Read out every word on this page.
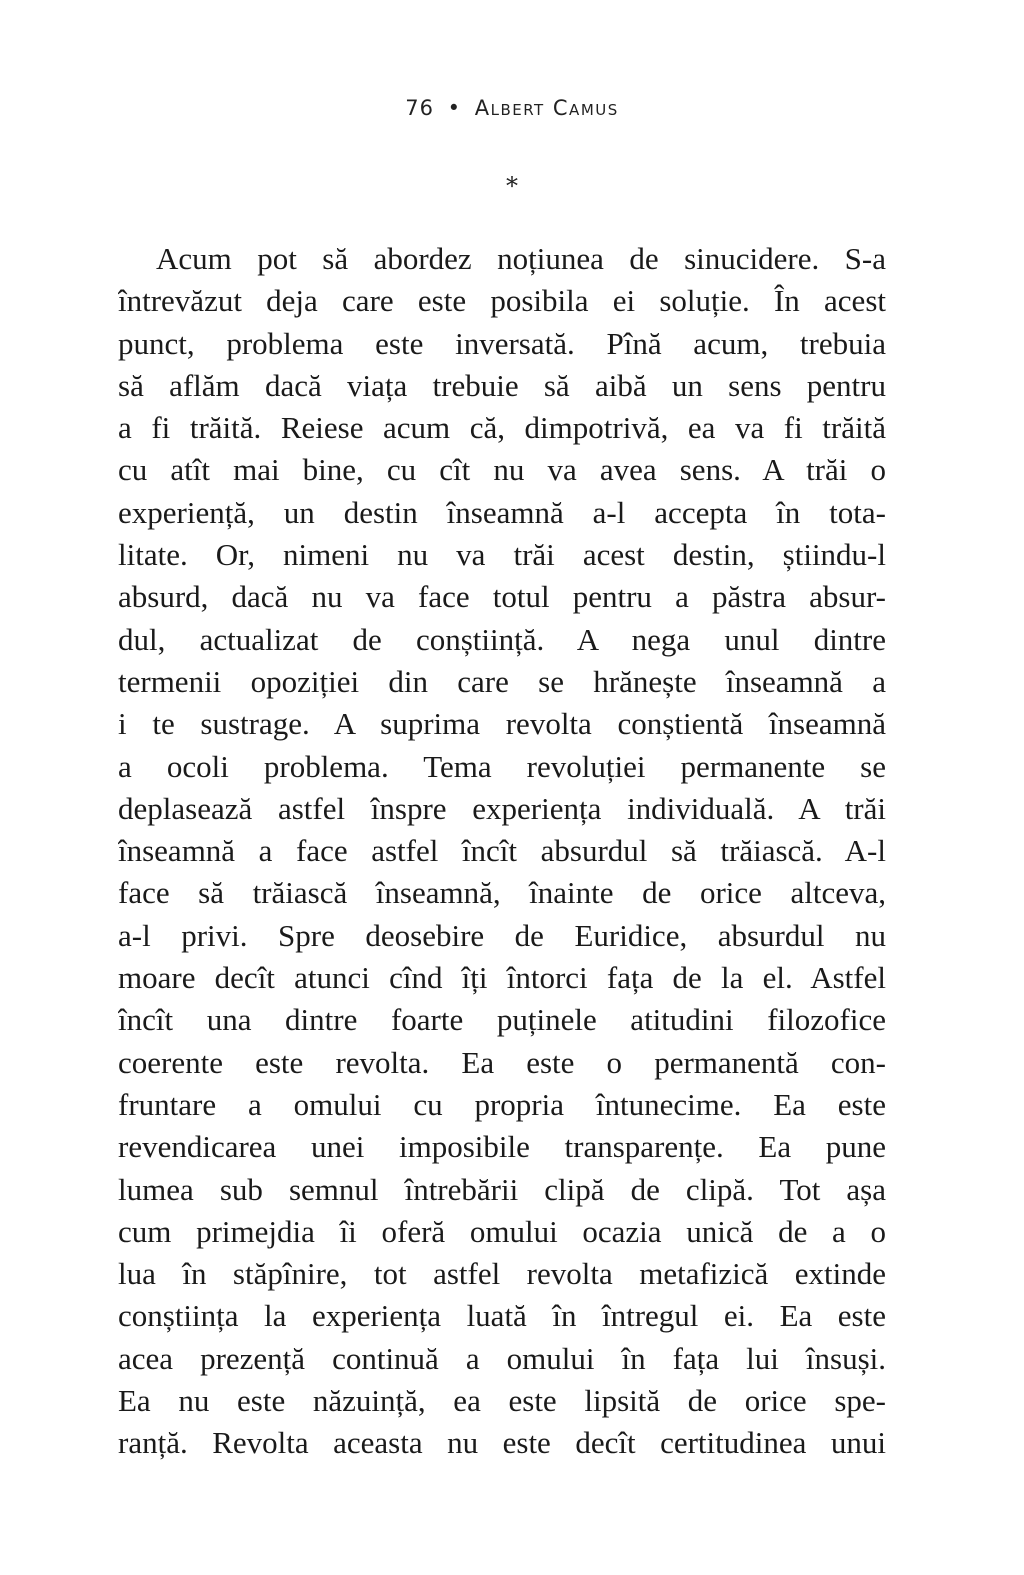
76 • Albert Camus
*
Acum pot să abordez noțiunea de sinucidere. S-a
întrevăzut deja care este posibila ei soluție. În acest
punct, problema este inversată. Pînă acum, trebuia
să aflăm dacă viața trebuie să aibă un sens pentru
a fi trăită. Reiese acum că, dimpotrivă, ea va fi trăită
cu atît mai bine, cu cît nu va avea sens. A trăi o
experiență, un destin înseamnă a-l accepta în tota-
litate. Or, nimeni nu va trăi acest destin, știindu-l
absurd, dacă nu va face totul pentru a păstra absur-
dul, actualizat de conștiință. A nega unul dintre
termenii opoziției din care se hrănește înseamnă a
i te sustrage. A suprima revolta conștientă înseamnă
a ocoli problema. Tema revoluției permanente se
deplasează astfel înspre experiența individuală. A trăi
înseamnă a face astfel încît absurdul să trăiască. A-l
face să trăiască înseamnă, înainte de orice altceva,
a-l privi. Spre deosebire de Euridice, absurdul nu
moare decît atunci cînd îți întorci fața de la el. Astfel
încît una dintre foarte puținele atitudini filozofice
coerente este revolta. Ea este o permanentă con-
fruntare a omului cu propria întunecime. Ea este
revendicarea unei imposibile transparențe. Ea pune
lumea sub semnul întrebării clipă de clipă. Tot așa
cum primejdia îi oferă omului ocazia unică de a o
lua în stăpînire, tot astfel revolta metafizică extinde
conștiința la experiența luată în întregul ei. Ea este
acea prezență continuă a omului în fața lui însuși.
Ea nu este năzuință, ea este lipsită de orice spe-
ranță. Revolta aceasta nu este decît certitudinea unui
